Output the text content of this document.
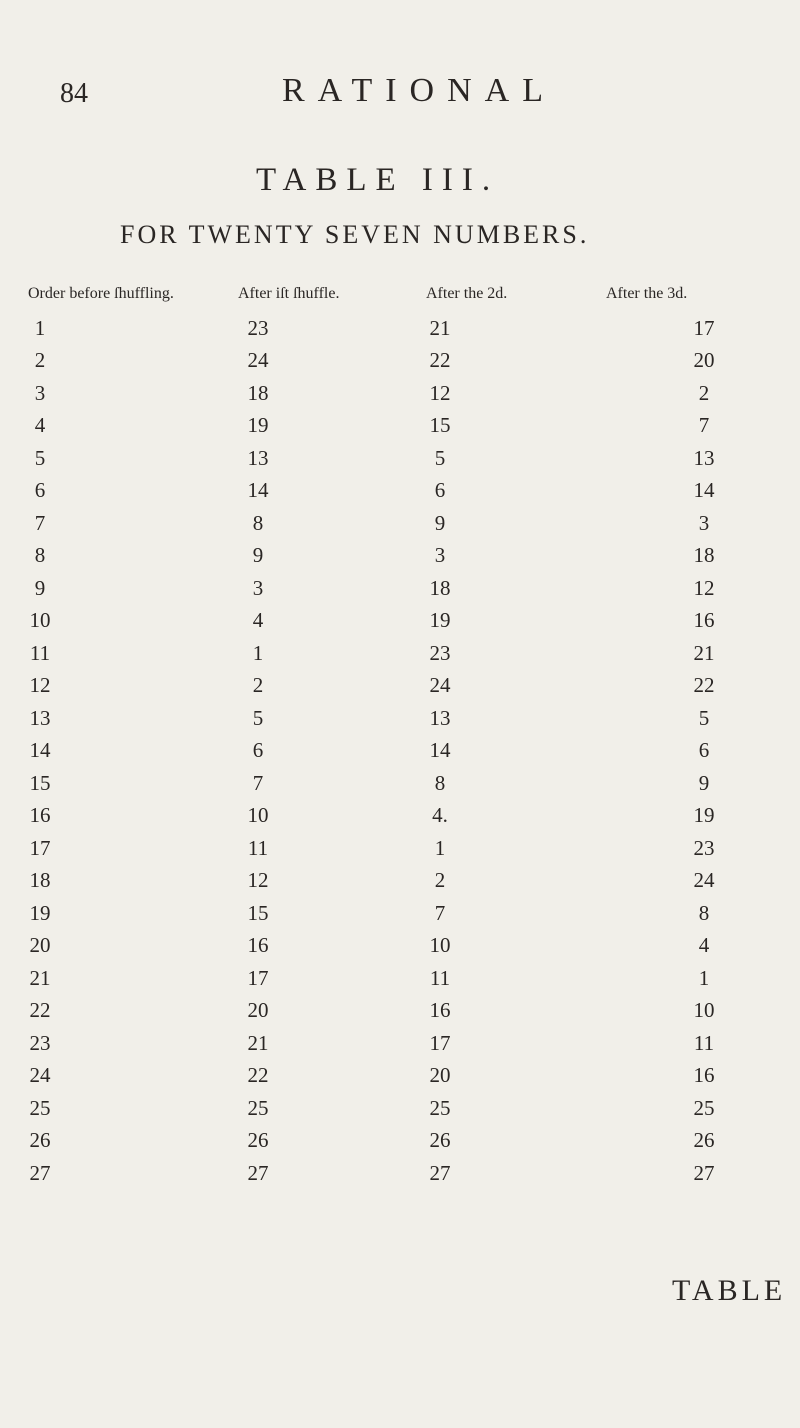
84	RATIONAL
TABLE III.
FOR TWENTY SEVEN NUMBERS.
Order before ſhuffling.	After iſt ſhuffle.	After the 2d.	After the 3d.
1	23	21	17
2	24	22	20
3	18	12	2
4	19	15	7
5	13	5	13
6	14	6	14
7	8	9	3
8	9	3	18
9	3	18	12
10	4	19	16
11	1	23	21
12	2	24	22
13	5	13	5
14	6	14	6
15	7	8	9
16	10	4.	19
17	11	1	23
18	12	2	24
19	15	7	8
20	16	10	4
21	17	11	1
22	20	16	10
23	21	17	11
24	22	20	16
25	25	25	25
26	26	26	26
27	27	27	27
TABLE
